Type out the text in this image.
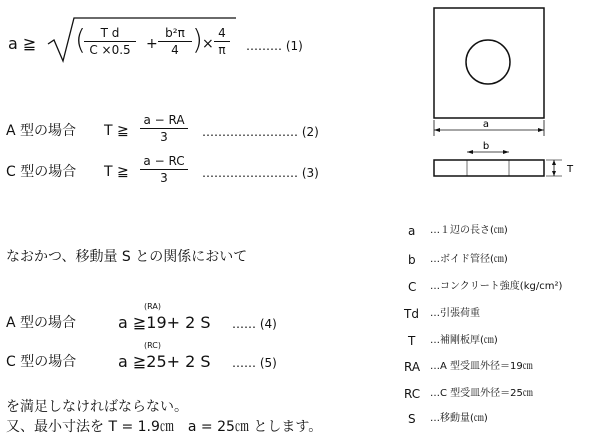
a ≧ ( T d
C ×0.5 +
b²π
4 ) ×
4
π ……… (1)
A 型の場合 T ≧
a − RA
3	…………………… (2)
C 型の場合 T ≧
a − RC
3	…………………… (3)
なおかつ、移動量 S との関係において
A 型の場合
(RA)
a ≧19+ 2 S …… (4)
C 型の場合
(RC)
a ≧25+ 2 S …… (5)
を満足しなければならない。
又、最小寸法を T = 1.9㎝　a = 25㎝ とします。
a
b
T
a …１辺の長さ(㎝)
b …ボイド管径(㎝)
C …コンクリート強度(kg/cm²)
Td …引張荷重
T …補剛板厚(㎝)
RA …A 型受皿外径＝19㎝
RC …C 型受皿外径＝25㎝
S …移動量(㎝)
